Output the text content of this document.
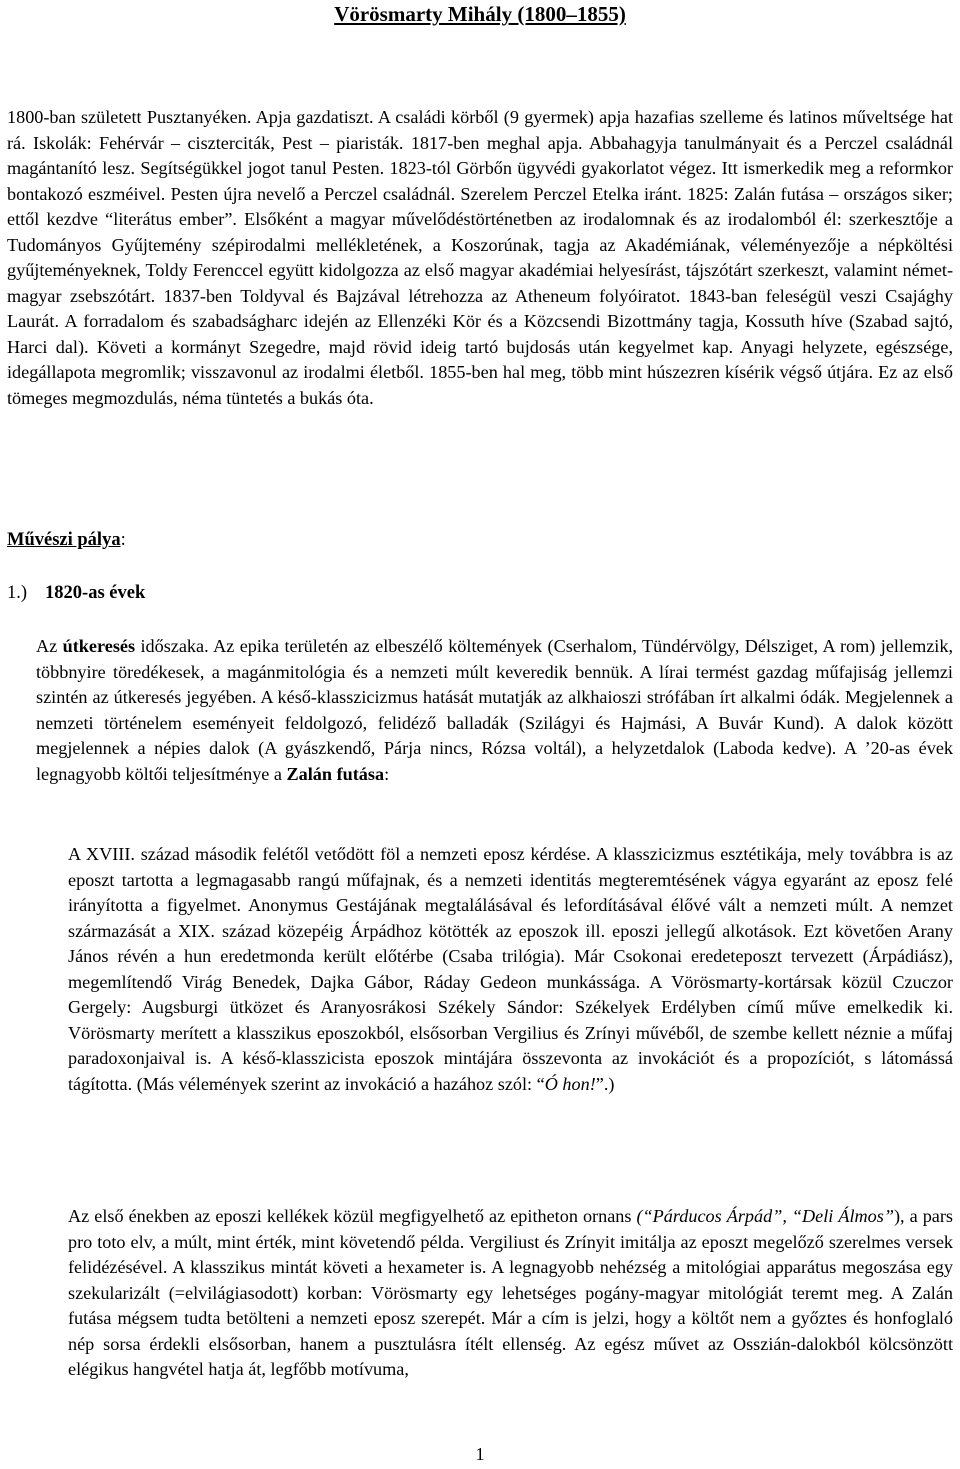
Vörösmarty Mihály (1800–1855)
1800-ban született Pusztanyéken. Apja gazdatiszt. A családi körből (9 gyermek) apja hazafias szelleme és latinos műveltsége hat rá. Iskolák: Fehérvár – ciszterciták, Pest – piaristák. 1817-ben meghal apja. Abbahagyja tanulmányait és a Perczel családnál magántanító lesz. Segítségükkel jogot tanul Pesten. 1823-tól Görbőn ügyvédi gyakorlatot végez. Itt ismerkedik meg a reformkor bontakozó eszméivel. Pesten újra nevelő a Perczel családnál. Szerelem Perczel Etelka iránt. 1825: Zalán futása – országos siker; ettől kezdve “literátus ember”. Elsőként a magyar művelődéstörténetben az irodalomnak és az irodalomból él: szerkesztője a Tudományos Gyűjtemény szépirodalmi mellékletének, a Koszorúnak, tagja az Akadémiának, véleményezője a népköltési gyűjteményeknek, Toldy Ferenccel együtt kidolgozza az első magyar akadémiai helyesírást, tájszótárt szerkeszt, valamint német-magyar zsebszótárt. 1837-ben Toldyval és Bajzával létrehozza az Atheneum folyóiratot. 1843-ban feleségül veszi Csajághy Laurát. A forradalom és szabadságharc idején az Ellenzéki Kör és a Közcsendi Bizottmány tagja, Kossuth híve (Szabad sajtó, Harci dal). Követi a kormányt Szegedre, majd rövid ideig tartó bujdosás után kegyelmet kap. Anyagi helyzete, egészsége, idegállapota megromlik; visszavonul az irodalmi életből. 1855-ben hal meg, több mint húszezren kísérik végső útjára. Ez az első tömeges megmozdulás, néma tüntetés a bukás óta.
Művészi pálya:
1.) 1820-as évek
Az útkeresés időszaka. Az epika területén az elbeszélő költemények (Cserhalom, Tündérvölgy, Délsziget, A rom) jellemzik, többnyire töredékesek, a magánmitológia és a nemzeti múlt keveredik bennük. A lírai termést gazdag műfajiság jellemzi szintén az útkeresés jegyében. A késő-klasszicizmus hatását mutatják az alkhaioszi strófában írt alkalmi ódák. Megjelennek a nemzeti történelem eseményeit feldolgozó, felidéző balladák (Szilágyi és Hajmási, A Buvár Kund). A dalok között megjelennek a népies dalok (A gyászkendő, Párja nincs, Rózsa voltál), a helyzetdalok (Laboda kedve). A ’20-as évek legnagyobb költői teljesítménye a Zalán futása:
A XVIII. század második felétől vetődött föl a nemzeti eposz kérdése. A klasszicizmus esztétikája, mely továbbra is az eposzt tartotta a legmagasabb rangú műfajnak, és a nemzeti identitás megteremtésének vágya egyaránt az eposz felé irányította a figyelmet. Anonymus Gestájának megtalálásával és lefordításával élővé vált a nemzeti múlt. A nemzet származását a XIX. század közepéig Árpádhoz kötötték az eposzok ill. eposzi jellegű alkotások. Ezt követően Arany János révén a hun eredetmonda került előtérbe (Csaba trilógia). Már Csokonai eredeteposzt tervezett (Árpádiász), megemlítendő Virág Benedek, Dajka Gábor, Ráday Gedeon munkássága. A Vörösmarty-kortársak közül Czuczor Gergely: Augsburgi ütközet és Aranyosrákosi Székely Sándor: Székelyek Erdélyben című műve emelkedik ki. Vörösmarty merített a klasszikus eposzokból, elsősorban Vergilius és Zrínyi művéből, de szembe kellett néznie a műfaj paradoxonjaival is. A késő-klasszicista eposzok mintájára összevonta az invokációt és a propozíciót, s látomássá tágította. (Más vélemények szerint az invokáció a hazához szól: “Ó hon!”.)
Az első énekben az eposzi kellékek közül megfigyelhető az epitheton ornans (“Párducos Árpád”, “Deli Álmos”), a pars pro toto elv, a múlt, mint érték, mint követendő példa. Vergiliust és Zrínyit imitálja az eposzt megelőző szerelmes versek felidézésével. A klasszikus mintát követi a hexameter is. A legnagyobb nehézség a mitológiai apparátus megoszása egy szekularizált (=elvilágiasodott) korban: Vörösmarty egy lehetséges pogány-magyar mitológiát teremt meg. A Zalán futása mégsem tudta betölteni a nemzeti eposz szerepét. Már a cím is jelzi, hogy a költőt nem a győztes és honfoglaló nép sorsa érdekli elsősorban, hanem a pusztulásra ítélt ellenség. Az egész művet az Osszián-dalokból kölcsönzött elégikus hangvétel hatja át, legfőbb motívuma,
1
